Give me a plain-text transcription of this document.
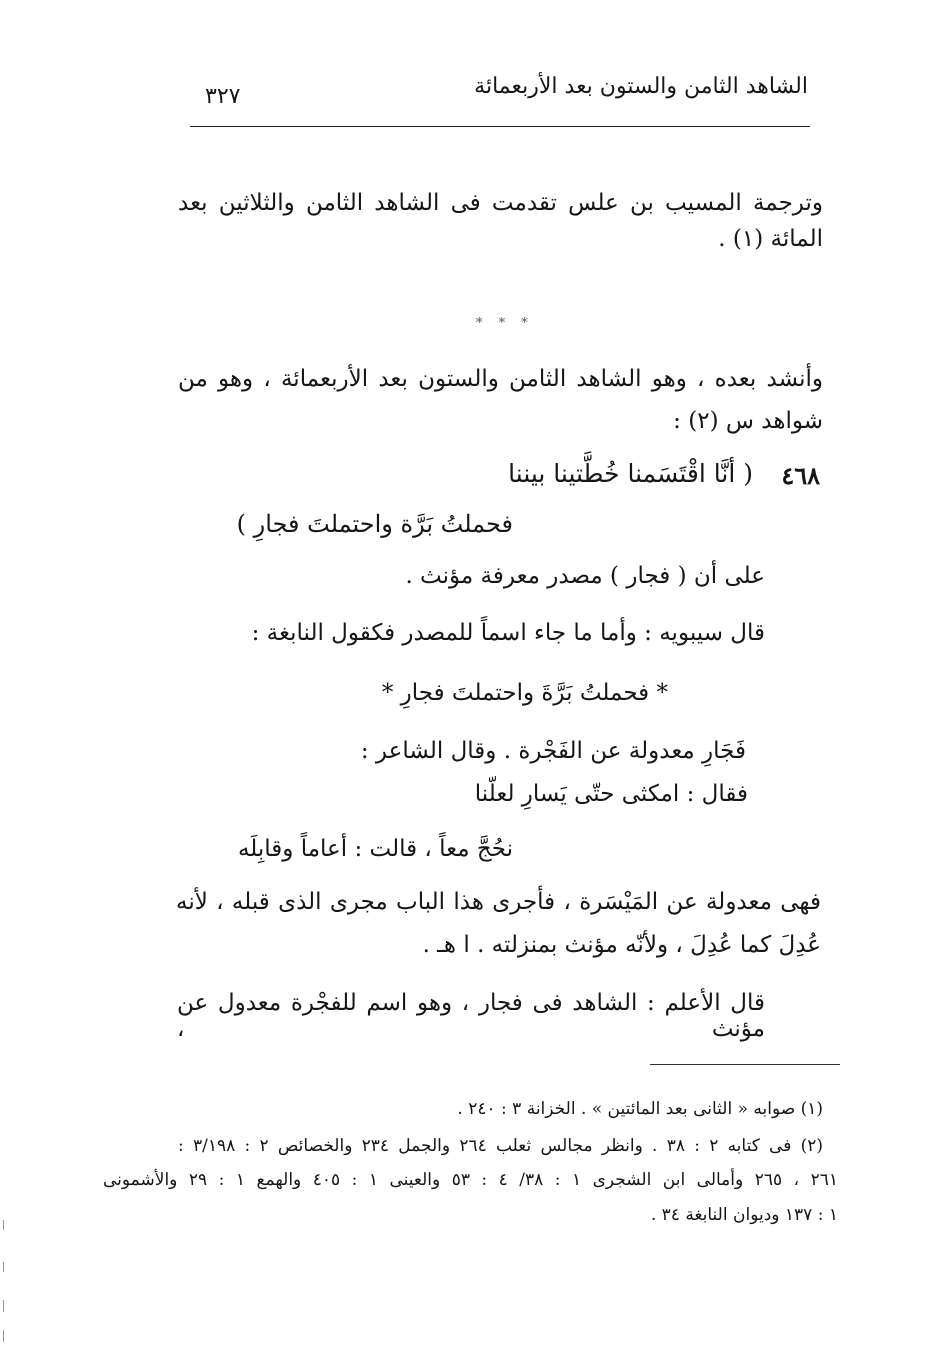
الشاهد الثامن والستون بعد الأربعمائة
٣٢٧
وترجمة المسيب بن علس تقدمت فى الشاهد الثامن والثلاثين بعد
المائة (١) .
* * *
وأنشد بعده ، وهو الشاهد الثامن والستون بعد الأربعمائة ، وهو من
شواهد س (٢) :
٤٦٨
( أنَّا اقْتَسَمنا خُطَّتينا بيننا
فحملتُ بَرَّة واحتملتَ فجارِ )
على أن ( فجار ) مصدر معرفة مؤنث .
قال سيبويه : وأما ما جاء اسماً للمصدر فكقول النابغة :
* فحملتُ بَرَّةَ واحتملتَ فجارِ *
فَجَارِ معدولة عن الفَجْرة . وقال الشاعر :
فقال : امكثى حتّى يَسارِ لعلّنا
نحُجَّ معاً ، قالت : أعاماً وقابِلَه
فهى معدولة عن المَيْسَرة ، فأجرى هذا الباب مجرى الذى قبله ، لأنه
عُدِلَ كما عُدِلَ ، ولأنّه مؤنث بمنزلته . ا هـ .
قال الأعلم : الشاهد فى فجار ، وهو اسم للفجْرة معدول عن مؤنث ،
(١) صوابه « الثانى بعد المائتين » . الخزانة ٣ : ٢٤٠ .
(٢) فى كتابه ٢ : ٣٨ . وانظر مجالس ثعلب ٢٦٤ والجمل ٢٣٤ والخصائص ٢ : ٣/١٩٨ :
٢٦١ ، ٢٦٥ وأمالى ابن الشجرى ١ : ٣٨/ ٤ : ٥٣ والعينى ١ : ٤٠٥ والهمع ١ : ٢٩ والأشمونى
١ : ١٣٧ وديوان النابغة ٣٤ .
